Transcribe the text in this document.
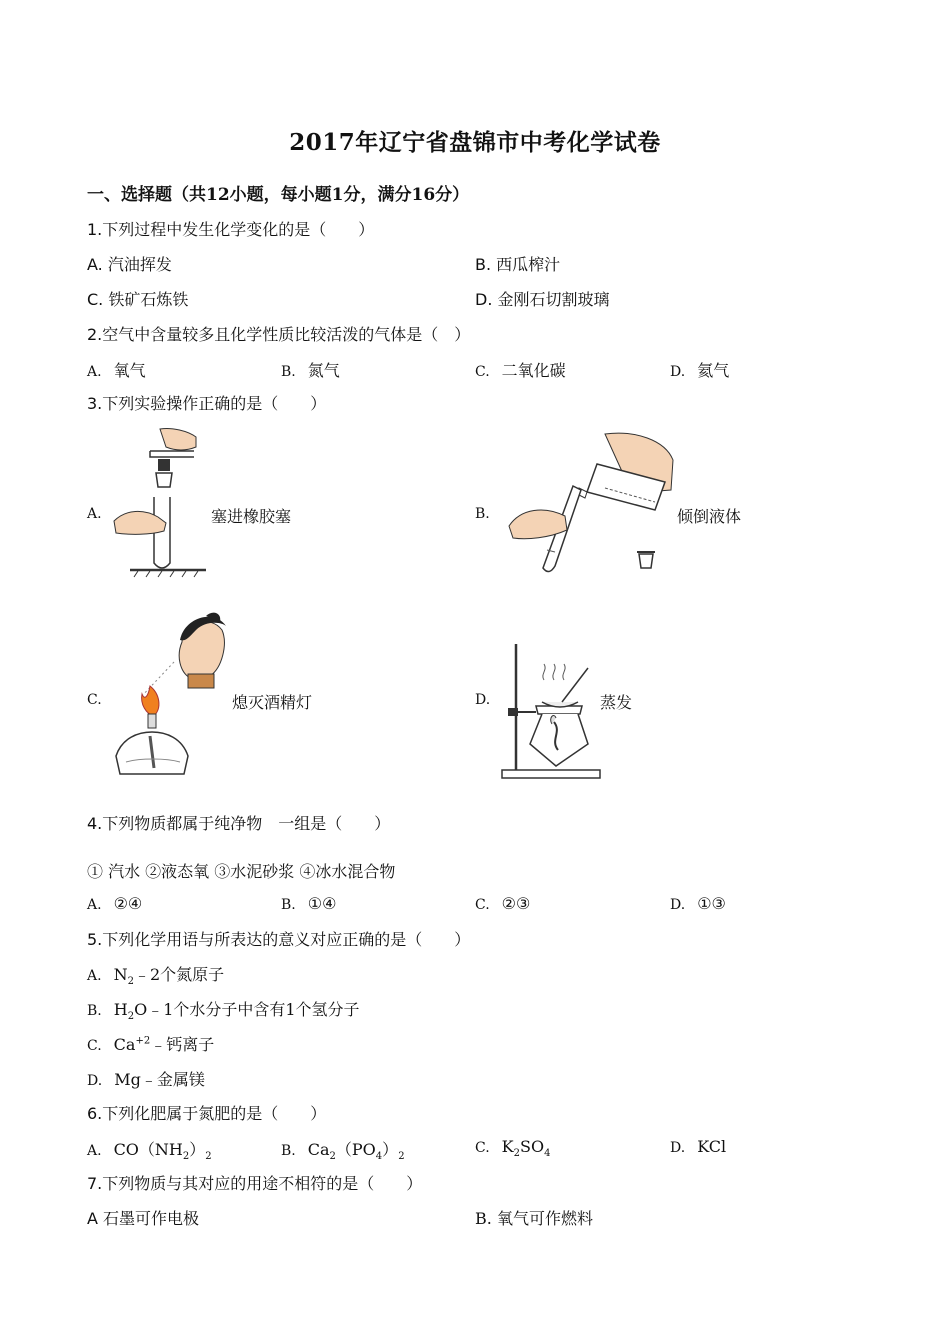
2017年辽宁省盘锦市中考化学试卷
一、选择题（共12小题，每小题1分，满分16分）
1.下列过程中发生化学变化的是（　　）
A. 汽油挥发	B. 西瓜榨汁
C. 铁矿石炼铁	D. 金刚石切割玻璃
2.空气中含量较多且化学性质比较活泼的气体是（　）
A. 氧气	B. 氮气	C. 二氧化碳	D. 氦气
3.下列实验操作正确的是（　　）
A.	塞进橡胶塞	B.	倾倒液体
C.	熄灭酒精灯	D.	蒸发
4.下列物质都属于纯净物　一组是（　　）
① 汽水 ②液态氧 ③水泥砂浆 ④冰水混合物
A. ②④	B. ①④	C. ②③	D. ①③
5.下列化学用语与所表达的意义对应正确的是（　　）
A. $N_2﹣2$个氮原子
B. $H_2O﹣1$个水分子中含有1个氢分子
C. $Ca^{+2}﹣$钙离子
D. Mg﹣金属镁
6.下列化肥属于氮肥的是（　　）
A. $CO(NH_2)_2$	B. $Ca_2(PO_4)_2$
C. $K_2SO_4$	D. KCl
7.下列物质与其对应的用途不相符的是（　　）
A 石墨可作电极	B. 氧气可作燃料
